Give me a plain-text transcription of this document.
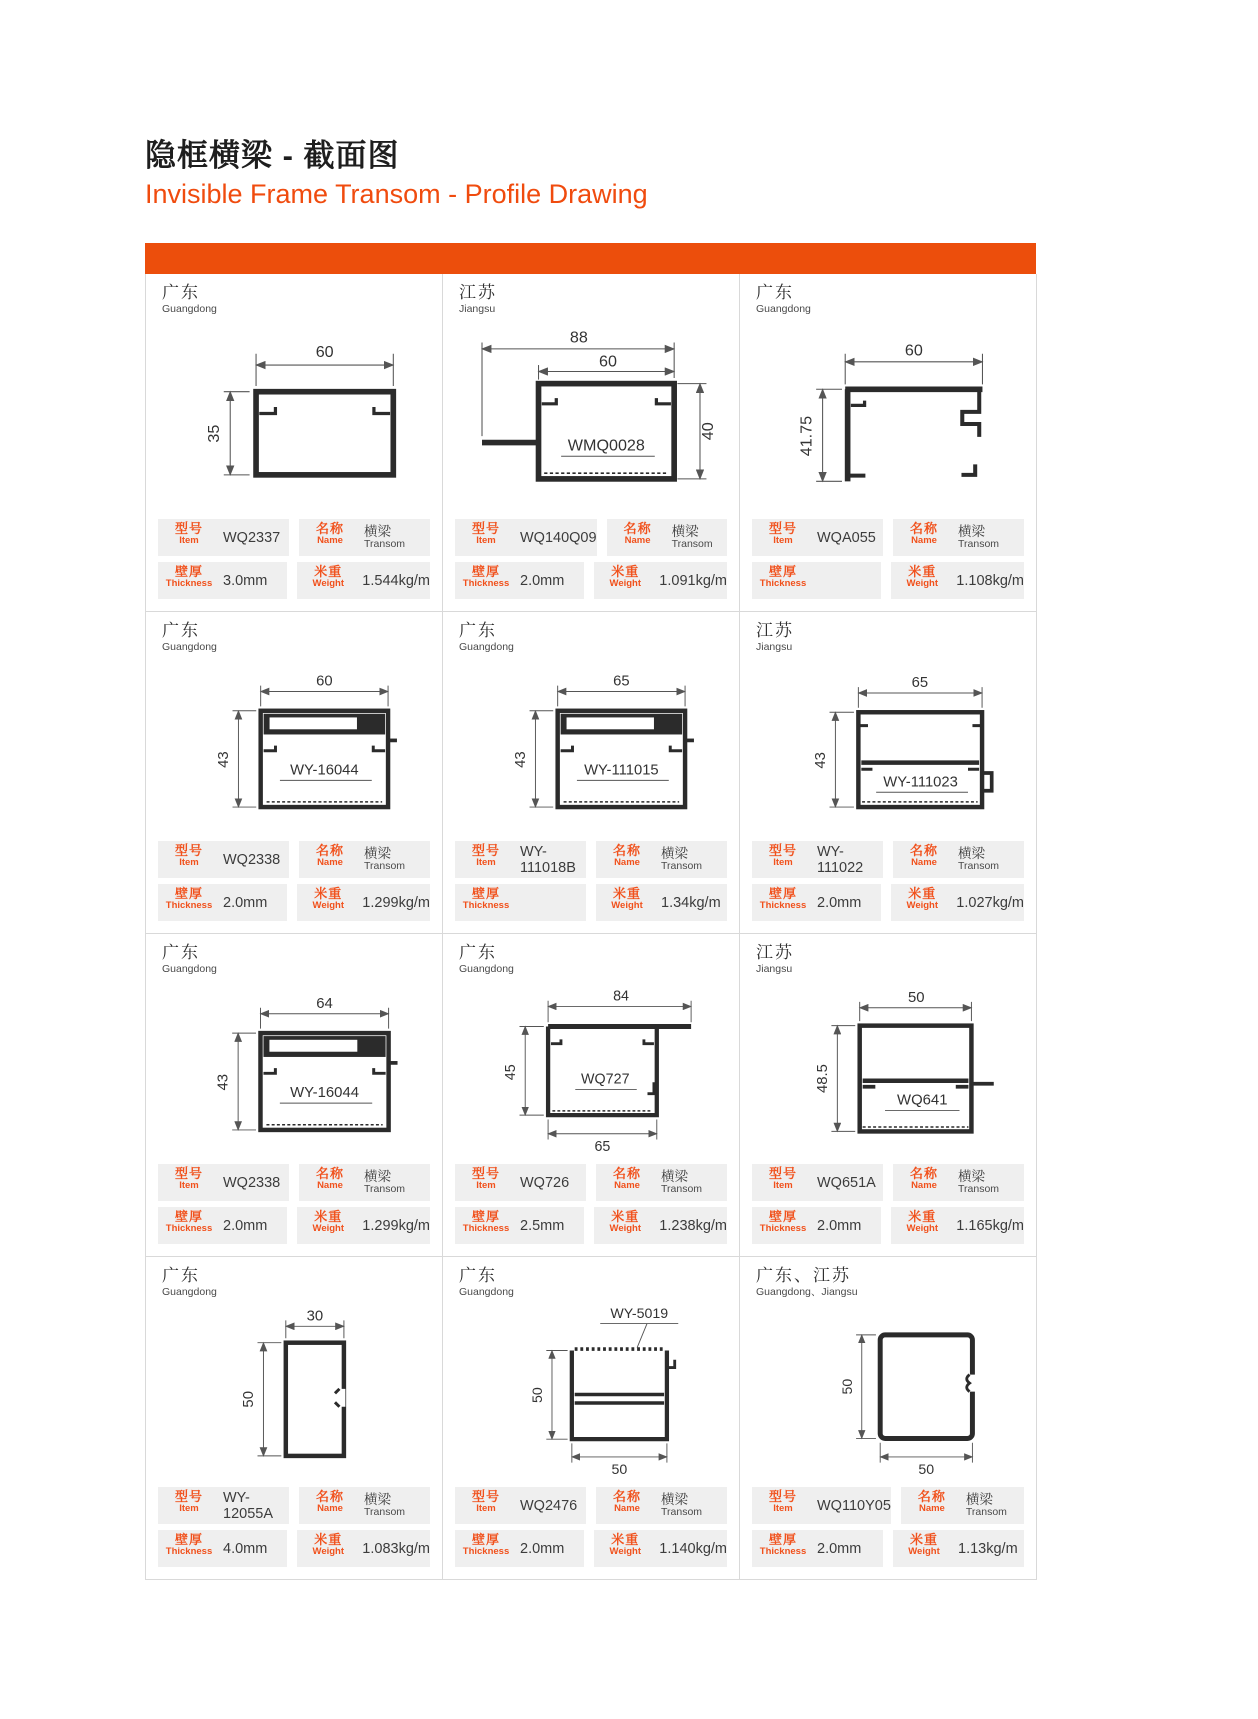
隐框横梁 - 截面图
Invisible Frame Transom - Profile Drawing
广东
Guangdong
60
35
型号
Item	WQ2337
名称
Name
横梁
Transom
壁厚
Thickness 3.0mm
米重
Weight	1.544kg/m
江苏
Jiangsu
WMQ0028
88
60
40
型号
Item	WQ140Q09
名称
Name
横梁
Transom
壁厚
Thickness 2.0mm
米重
Weight	1.091kg/m
广东
Guangdong
60
41.75
型号
Item	WQA055
名称
Name
横梁
Transom
壁厚
Thickness
米重
Weight	1.108kg/m
广东
Guangdong
WY-16044
60
43
型号
Item	WQ2338
名称
Name
横梁
Transom
壁厚
Thickness 2.0mm
米重
Weight	1.299kg/m
广东
Guangdong
WY-111015
65
43
型号
Item
WY-111018B
名称
Name
横梁
Transom
壁厚
Thickness
米重
Weight	1.34kg/m
江苏
Jiangsu
WY-111023
65
43
型号
Item
WY-111022
名称
Name
横梁
Transom
壁厚
Thickness 2.0mm
米重
Weight	1.027kg/m
广东
Guangdong
WY-16044
64
43
型号
Item	WQ2338
名称
Name
横梁
Transom
壁厚
Thickness 2.0mm
米重
Weight	1.299kg/m
广东
Guangdong
WQ727
84
45
65
型号
Item	WQ726
名称
Name
横梁
Transom
壁厚
Thickness 2.5mm
米重
Weight	1.238kg/m
江苏
Jiangsu
WQ641
50
48.5
型号
Item	WQ651A
名称
Name
横梁
Transom
壁厚
Thickness 2.0mm
米重
Weight	1.165kg/m
广东
Guangdong
30
50
型号
Item
WY-12055A
名称
Name
横梁
Transom
壁厚
Thickness 4.0mm
米重
Weight	1.083kg/m
广东
Guangdong
WY-5019
50
50
型号
Item	WQ2476
名称
Name
横梁
Transom
壁厚
Thickness 2.0mm
米重
Weight	1.140kg/m
广东、江苏
Guangdong、Jiangsu
50
50
型号
Item	WQ110Y05
名称
Name
横梁
Transom
壁厚
Thickness 2.0mm
米重
Weight	1.13kg/m
